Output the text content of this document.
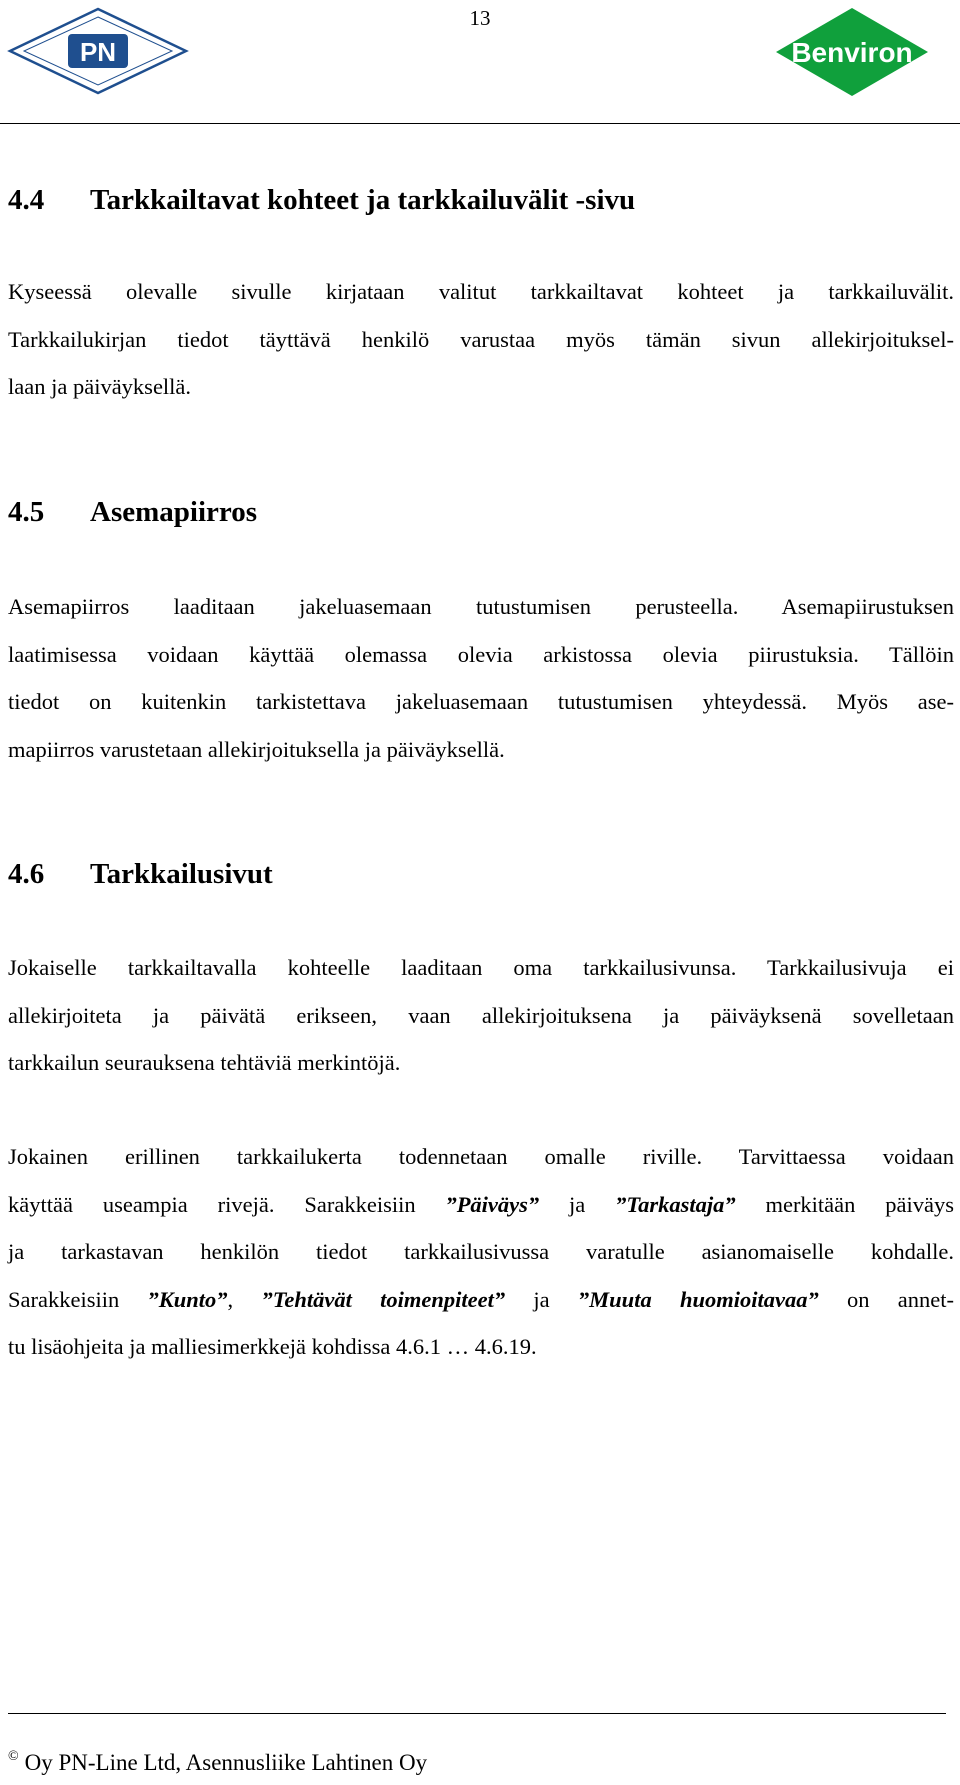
PN
13
Benviron
4.4 Tarkkailtavat kohteet ja tarkkailuvälit -sivu
Kyseessä olevalle sivulle kirjataan valitut tarkkailtavat kohteet ja tarkkailuvälit.
Tarkkailukirjan tiedot täyttävä henkilö varustaa myös tämän sivun allekirjoituksel-
laan ja päiväyksellä.
4.5 Asemapiirros
Asemapiirros laaditaan jakeluasemaan tutustumisen perusteella. Asemapiirustuksen
laatimisessa voidaan käyttää olemassa olevia arkistossa olevia piirustuksia. Tällöin
tiedot on kuitenkin tarkistettava jakeluasemaan tutustumisen yhteydessä. Myös ase-
mapiirros varustetaan allekirjoituksella ja päiväyksellä.
4.6 Tarkkailusivut
Jokaiselle tarkkailtavalla kohteelle laaditaan oma tarkkailusivunsa. Tarkkailusivuja ei
allekirjoiteta ja päivätä erikseen, vaan allekirjoituksena ja päiväyksenä sovelletaan
tarkkailun seurauksena tehtäviä merkintöjä.
Jokainen erillinen tarkkailukerta todennetaan omalle riville. Tarvittaessa voidaan
käyttää useampia rivejä. Sarakkeisiin ”Päiväys” ja ”Tarkastaja” merkitään päiväys
ja tarkastavan henkilön tiedot tarkkailusivussa varatulle asianomaiselle kohdalle.
Sarakkeisiin ”Kunto”, ”Tehtävät toimenpiteet” ja ”Muuta huomioitavaa” on annet-
tu lisäohjeita ja malliesimerkkejä kohdissa 4.6.1 … 4.6.19.
© Oy PN-Line Ltd, Asennusliike Lahtinen Oy
